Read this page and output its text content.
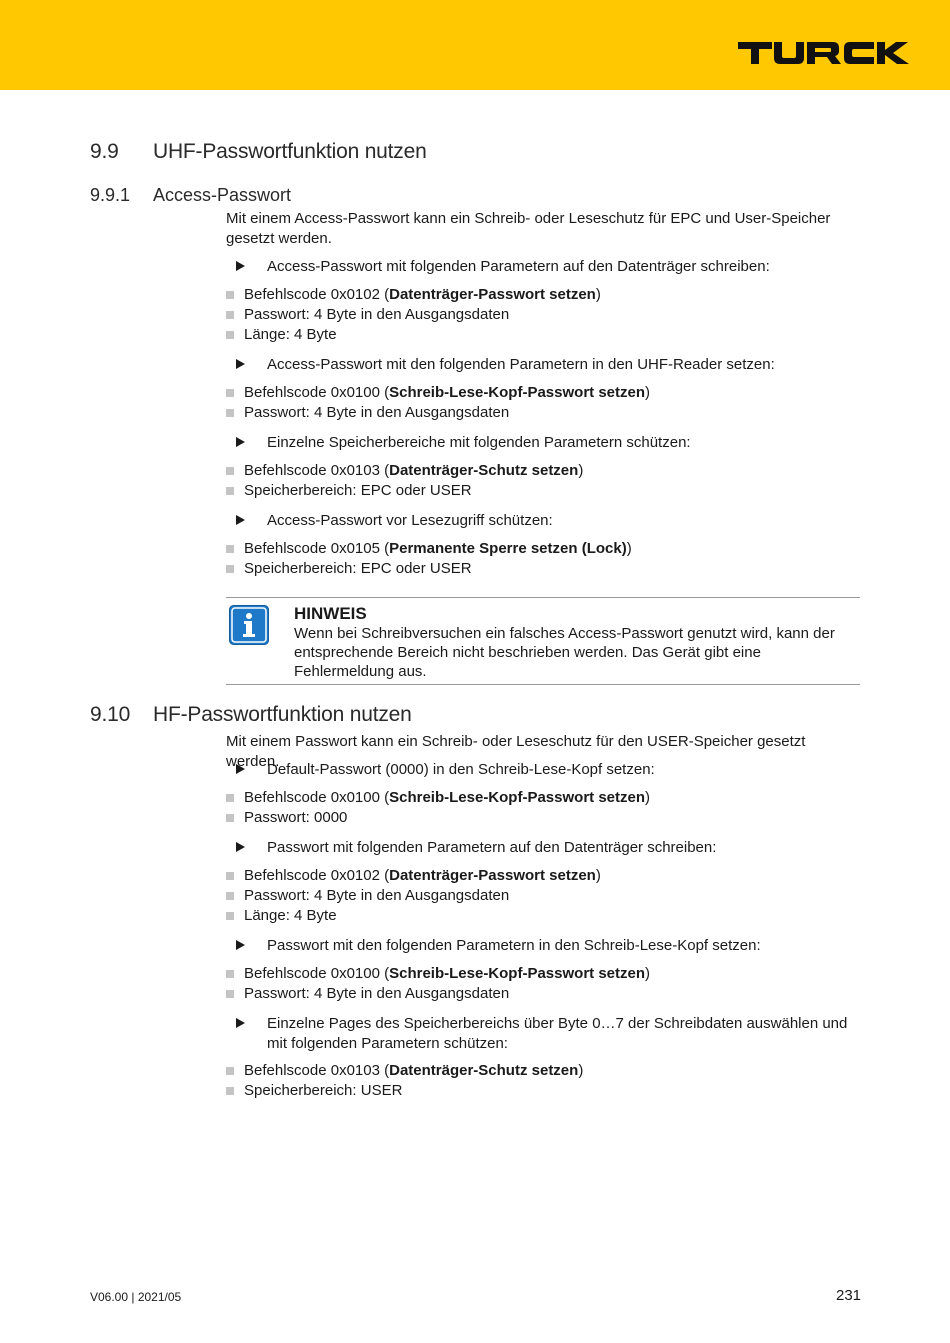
9.9 UHF-Passwortfunktion nutzen
9.9.1 Access-Passwort
Mit einem Access-Passwort kann ein Schreib- oder Leseschutz für EPC und User-Speicher gesetzt werden.
Access-Passwort mit folgenden Parametern auf den Datenträger schreiben:
Befehlscode 0x0102 (Datenträger-Passwort setzen)
Passwort: 4 Byte in den Ausgangsdaten
Länge: 4 Byte
Access-Passwort mit den folgenden Parametern in den UHF-Reader setzen:
Befehlscode 0x0100 (Schreib-Lese-Kopf-Passwort setzen)
Passwort: 4 Byte in den Ausgangsdaten
Einzelne Speicherbereiche mit folgenden Parametern schützen:
Befehlscode 0x0103 (Datenträger-Schutz setzen)
Speicherbereich: EPC oder USER
Access-Passwort vor Lesezugriff schützen:
Befehlscode 0x0105 (Permanente Sperre setzen (Lock))
Speicherbereich: EPC oder USER
HINWEIS
Wenn bei Schreibversuchen ein falsches Access-Passwort genutzt wird, kann der entsprechende Bereich nicht beschrieben werden. Das Gerät gibt eine Fehlermeldung aus.
9.10 HF-Passwortfunktion nutzen
Mit einem Passwort kann ein Schreib- oder Leseschutz für den USER-Speicher gesetzt werden.
Default-Passwort (0000) in den Schreib-Lese-Kopf setzen:
Befehlscode 0x0100 (Schreib-Lese-Kopf-Passwort setzen)
Passwort: 0000
Passwort mit folgenden Parametern auf den Datenträger schreiben:
Befehlscode 0x0102 (Datenträger-Passwort setzen)
Passwort: 4 Byte in den Ausgangsdaten
Länge: 4 Byte
Passwort mit den folgenden Parametern in den Schreib-Lese-Kopf setzen:
Befehlscode 0x0100 (Schreib-Lese-Kopf-Passwort setzen)
Passwort: 4 Byte in den Ausgangsdaten
Einzelne Pages des Speicherbereichs über Byte 0…7 der Schreibdaten auswählen und mit folgenden Parametern schützen:
Befehlscode 0x0103 (Datenträger-Schutz setzen)
Speicherbereich: USER
V06.00 | 2021/05	231
